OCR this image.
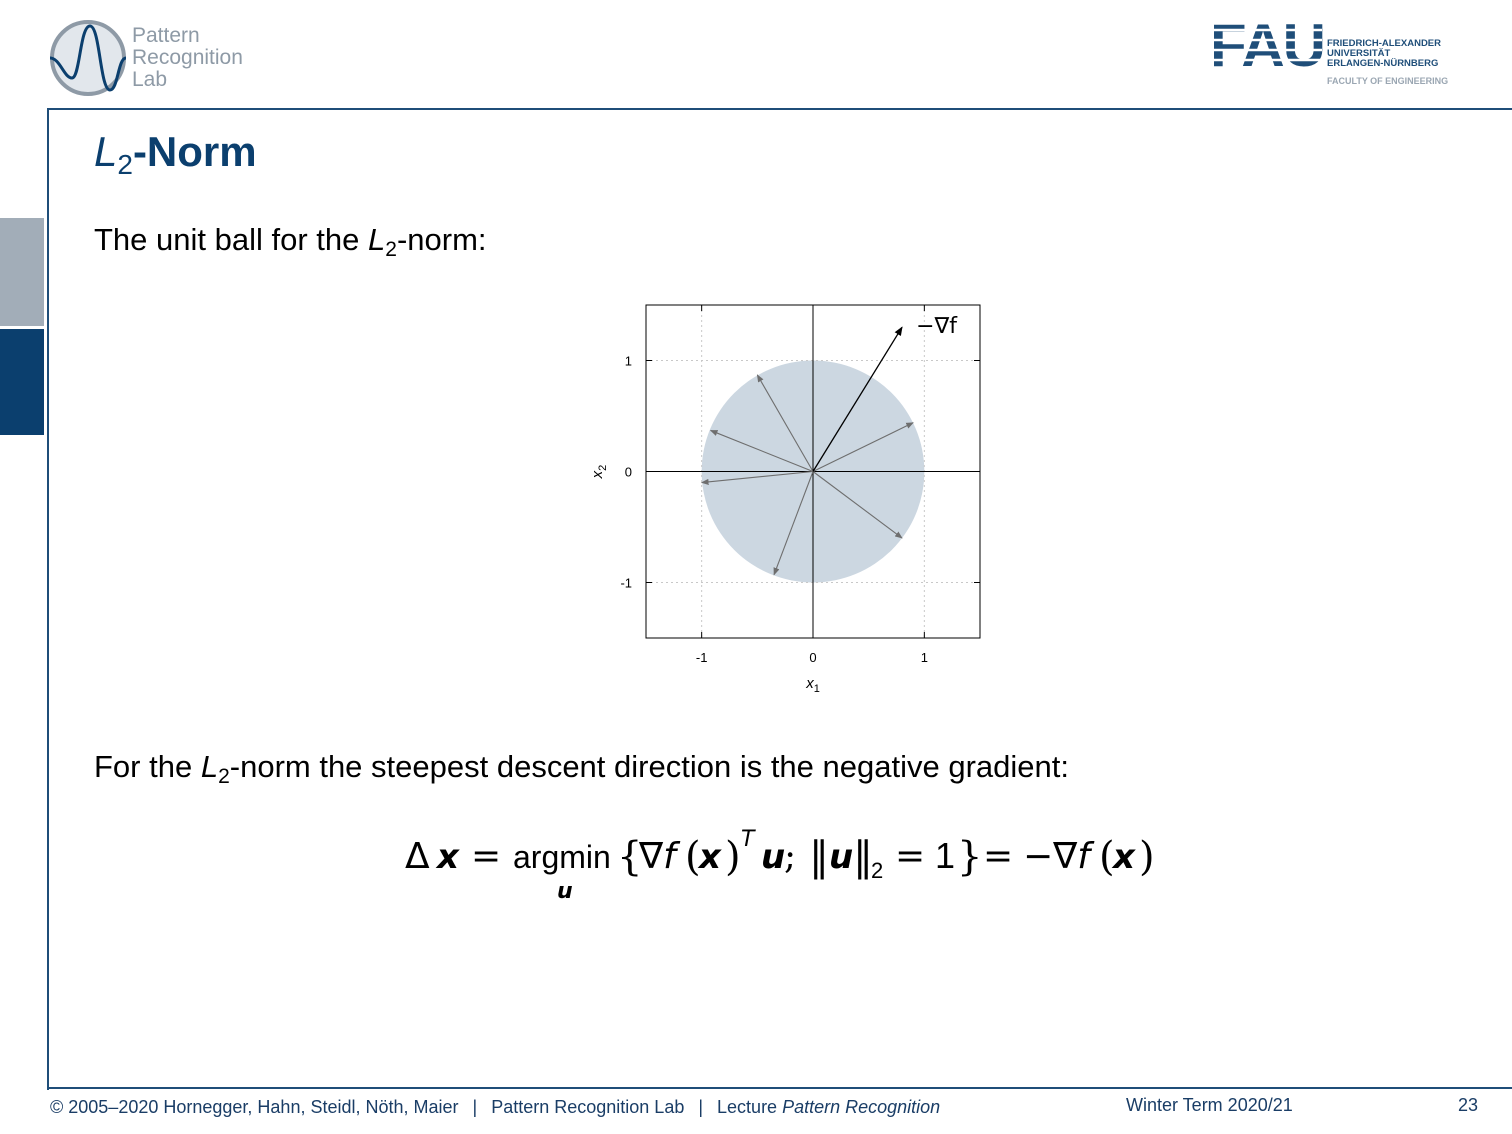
Pattern
Recognition
Lab
FAU FRIEDRICH-ALEXANDER
UNIVERSITÄT
ERLANGEN-NÜRNBERG
FACULTY OF ENGINEERING
$L_2$-Norm
The unit ball for the $L_2$-norm:
-1	0	1
-1
0
1
$x_1$
$x_2$
−∇f
For the $L_2$-norm the steepest descent direction is the negative gradient:
Δ x = argmin
u
{
∇f (
x ) T u
; ‖ u ‖
2 = 1 } = −∇f (
x )
© 2005–2020 Hornegger, Hahn, Steidl, Nöth, Maier | Pattern Recognition Lab | Lecture Pattern Recognition	Winter Term 2020/21	23
